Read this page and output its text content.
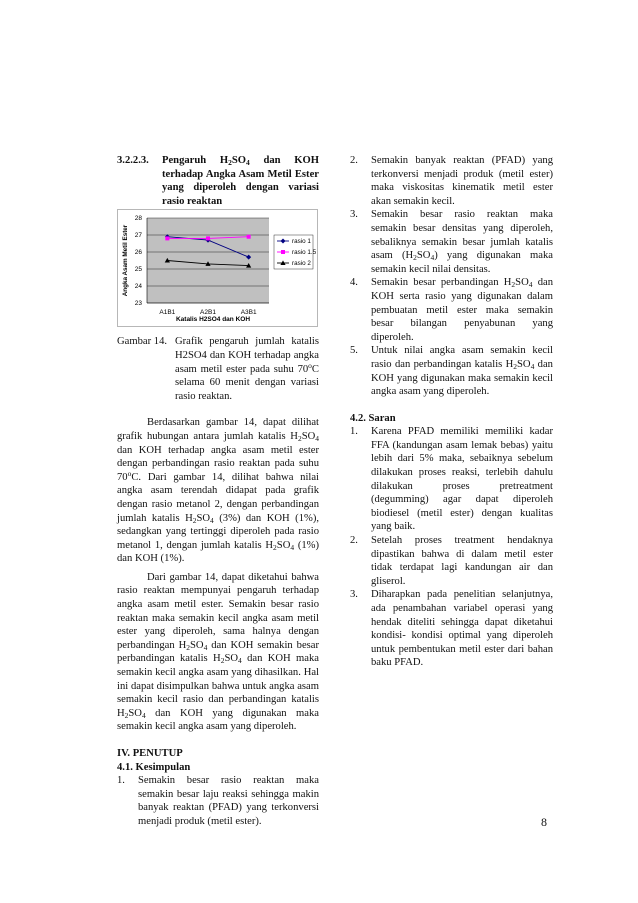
3.2.2.3.	Pengaruh $H_2SO_4$ dan KOH terhadap Angka Asam Metil Ester yang diperoleh dengan variasi rasio reaktan
28
27
26
25
24
23
A1B1	A2B1	A3B1
rasio 1
rasio 1.5
rasio 2
Angka Asam Metil Ester
Katalis H2SO4 dan KOH
Gambar 14. Grafik pengaruh jumlah katalis H2SO4 dan KOH terhadap angka asam metil ester pada suhu 70$^o$C selama 60 menit dengan variasi rasio reaktan.

Berdasarkan gambar 14, dapat dilihat grafik hubungan antara jumlah katalis $H_2SO_4$ dan KOH terhadap angka asam metil ester dengan perbandingan rasio reaktan pada suhu 70$^o$C. Dari gambar 14, dilihat bahwa nilai angka asam terendah didapat pada grafik dengan rasio metanol 2, dengan perbandingan jumlah katalis $H_2SO_4$ (3%) dan KOH (1%), sedangkan yang tertinggi diperoleh pada rasio metanol 1, dengan jumlah katalis $H_2SO_4$ (1%) dan KOH (1%).

Dari gambar 14, dapat diketahui bahwa rasio reaktan mempunyai pengaruh terhadap angka asam metil ester. Semakin besar rasio reaktan maka semakin kecil angka asam metil ester yang diperoleh, sama halnya dengan perbandingan $H_2SO_4$ dan KOH semakin besar perbandingan katalis $H_2SO_4$ dan KOH maka semakin kecil angka asam yang dihasilkan. Hal ini dapat disimpulkan bahwa untuk angka asam semakin kecil rasio dan perbandingan katalis $H_2SO_4$ dan KOH yang digunakan maka semakin kecil angka asam yang diperoleh.

IV. PENUTUP

4.1. Kesimpulan

1.	Semakin besar rasio reaktan maka semakin besar laju reaksi sehingga makin banyak reaktan (PFAD) yang terkonversi menjadi produk (metil ester).
2.	Semakin banyak reaktan (PFAD) yang terkonversi menjadi produk (metil ester) maka viskositas kinematik metil ester akan semakin kecil.
3.	Semakin besar rasio reaktan maka semakin besar densitas yang diperoleh, sebaliknya semakin besar jumlah katalis asam $(H_2SO_4)$ yang digunakan maka semakin kecil nilai densitas.
4.	Semakin besar perbandingan $H_2SO_4$ dan KOH serta rasio yang digunakan dalam pembuatan metil ester maka semakin besar bilangan penyabunan yang diperoleh.
5.	Untuk nilai angka asam semakin kecil rasio dan perbandingan katalis $H_2SO_4$ dan KOH yang digunakan maka semakin kecil angka asam yang diperoleh.

4.2. Saran

1.	Karena PFAD memiliki memiliki kadar FFA (kandungan asam lemak bebas) yaitu lebih dari 5% maka, sebaiknya sebelum dilakukan proses reaksi, terlebih dahulu dilakukan proses pretreatment (degumming) agar dapat diperoleh biodiesel (metil ester) dengan kualitas yang baik.
2.	Setelah proses treatment hendaknya dipastikan bahwa di dalam metil ester tidak terdapat lagi kandungan air dan gliserol.
3.	Diharapkan pada penelitian selanjutnya, ada penambahan variabel operasi yang hendak diteliti sehingga dapat diketahui kondisi- kondisi optimal yang diperoleh untuk pembentukan metil ester dari bahan baku PFAD.
8
